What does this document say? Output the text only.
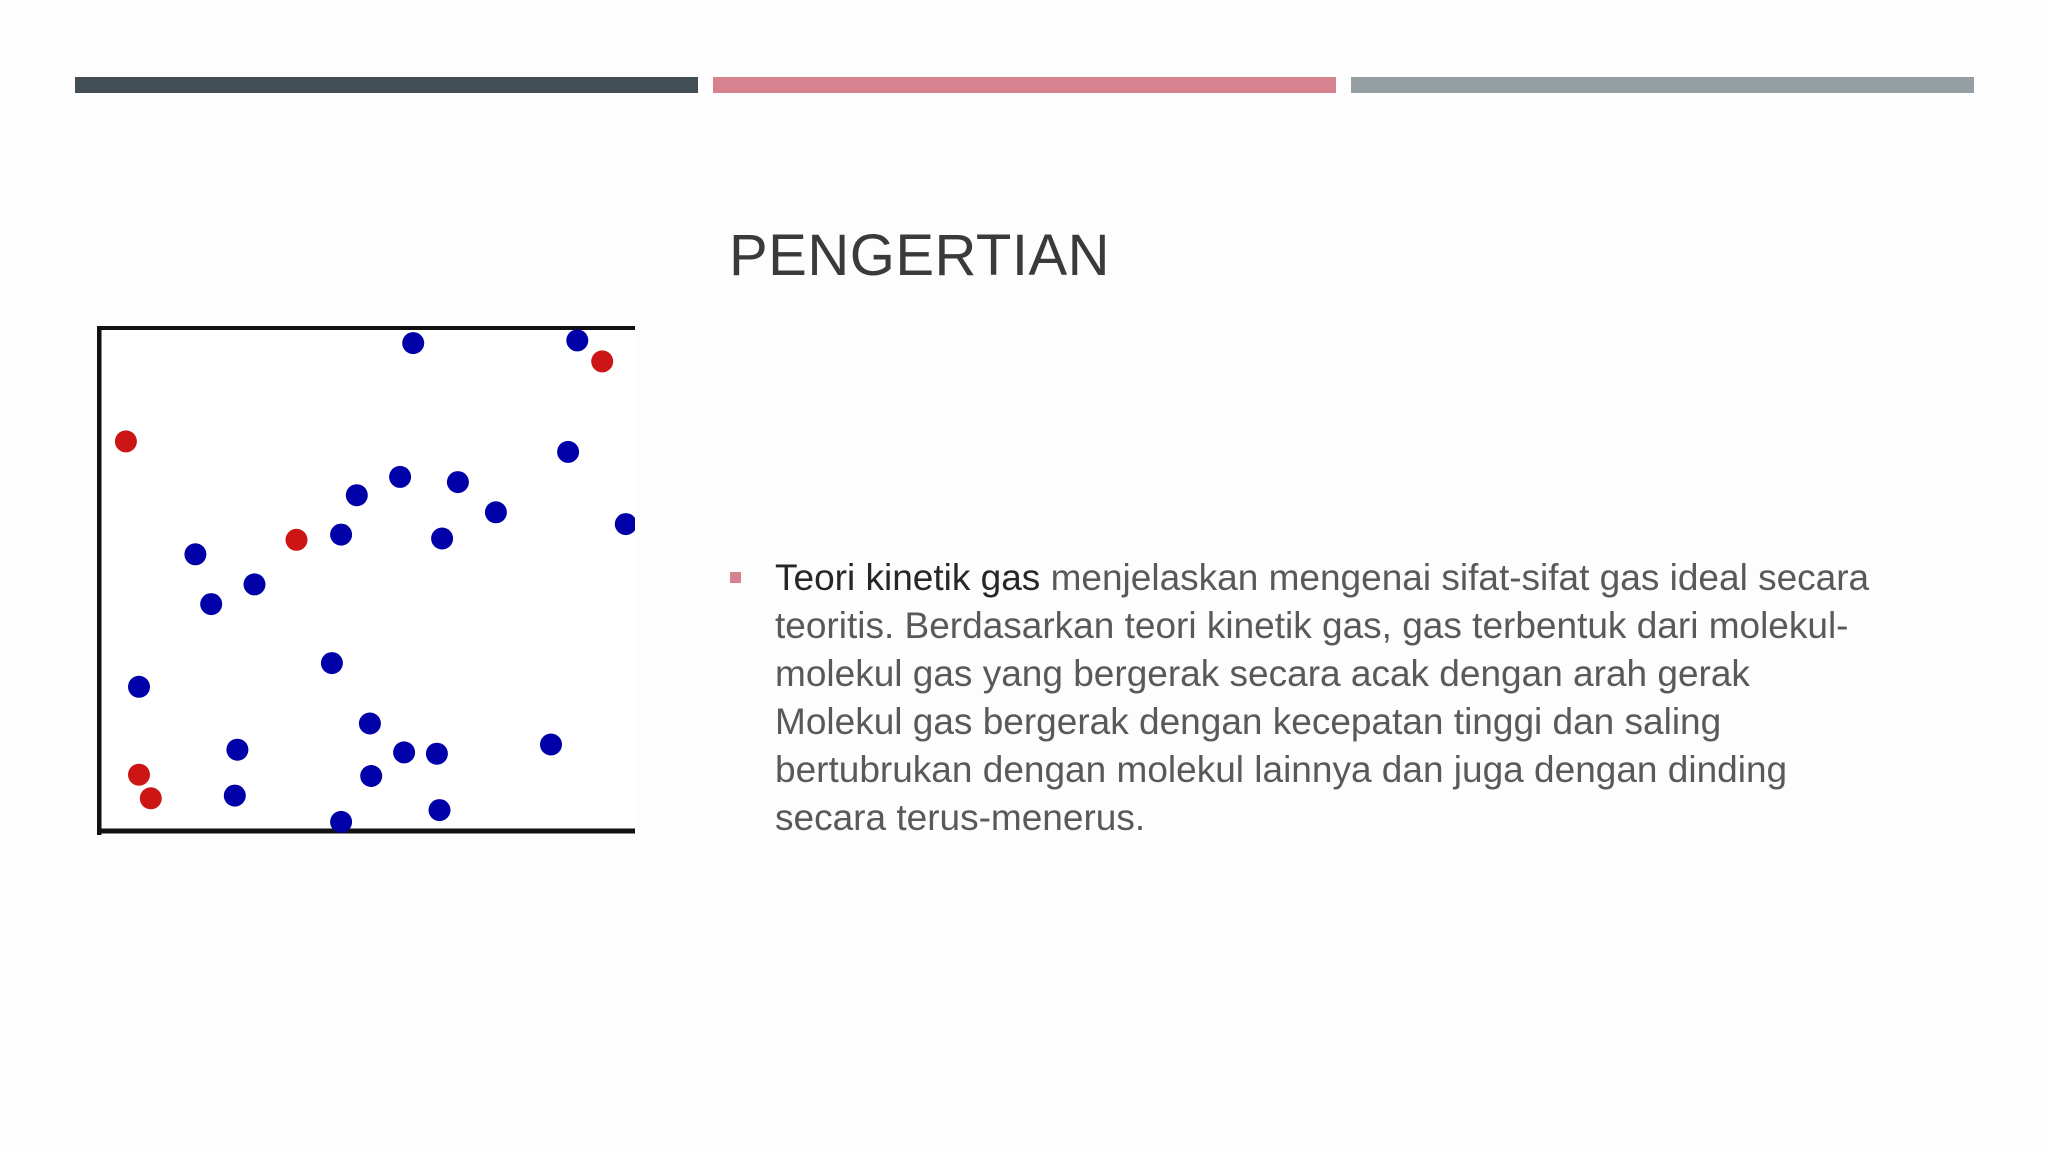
PENGERTIAN
Teori kinetik gas menjelaskan mengenai sifat-sifat gas ideal secara teoritis. Berdasarkan teori kinetik gas, gas terbentuk dari molekul-molekul gas yang bergerak secara acak dengan arah gerak Molekul gas bergerak dengan kecepatan tinggi dan saling bertubrukan dengan molekul lainnya dan juga dengan dinding secara terus-menerus.
